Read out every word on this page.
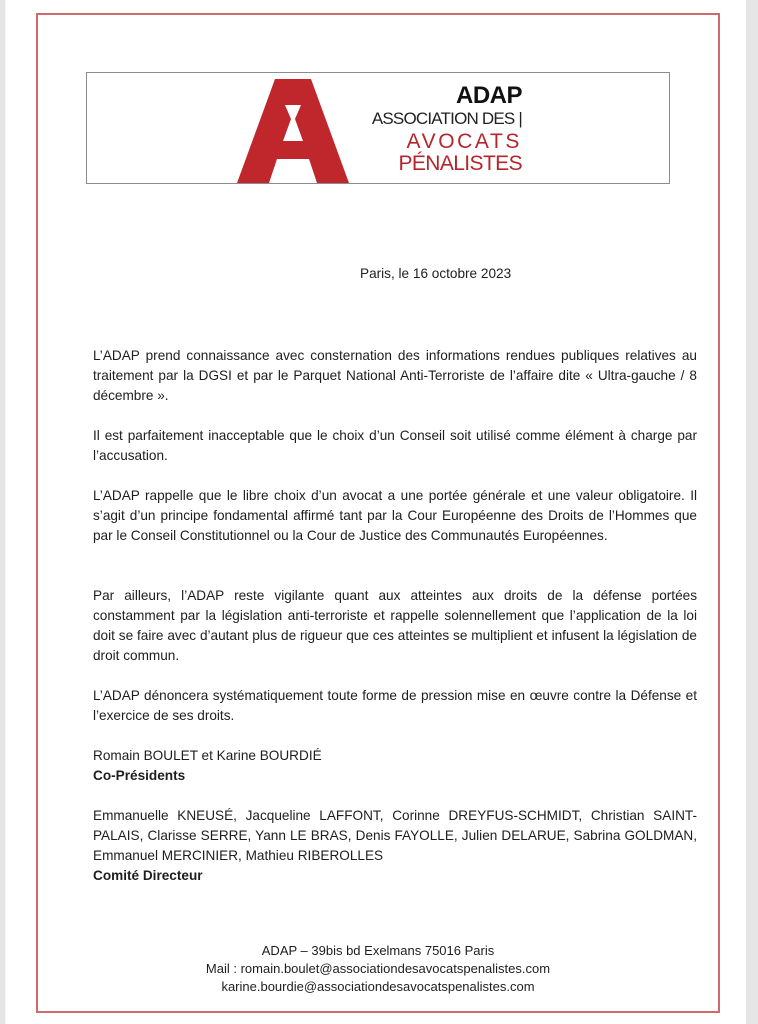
ADAP
ASSOCIATION DES |
AVOCATS
PÉNALISTES
Paris, le 16 octobre 2023
L’ADAP prend connaissance avec consternation des informations rendues publiques relatives au traitement par la DGSI et par le Parquet National Anti-Terroriste de l’affaire dite « Ultra-gauche / 8 décembre ».
Il est parfaitement inacceptable que le choix d’un Conseil soit utilisé comme élément à charge par l’accusation.
L’ADAP rappelle que le libre choix d’un avocat a une portée générale et une valeur obligatoire. Il s’agit d’un principe fondamental affirmé tant par la Cour Européenne des Droits de l’Hommes que par le Conseil Constitutionnel ou la Cour de Justice des Communautés Européennes.
Par ailleurs, l’ADAP reste vigilante quant aux atteintes aux droits de la défense portées constamment par la législation anti-terroriste et rappelle solennellement que l’application de la loi doit se faire avec d’autant plus de rigueur que ces atteintes se multiplient et infusent la législation de droit commun.
L’ADAP dénoncera systématiquement toute forme de pression mise en œuvre contre la Défense et l’exercice de ses droits.
Romain BOULET et Karine BOURDIÉ
Co-Présidents
Emmanuelle KNEUSÉ, Jacqueline LAFFONT, Corinne DREYFUS-SCHMIDT, Christian SAINT-PALAIS, Clarisse SERRE, Yann LE BRAS, Denis FAYOLLE, Julien DELARUE, Sabrina GOLDMAN, Emmanuel MERCINIER, Mathieu RIBEROLLES
Comité Directeur
ADAP – 39bis bd Exelmans 75016 Paris
Mail : romain.boulet@associationdesavocatspenalistes.com
karine.bourdie@associationdesavocatspenalistes.com
